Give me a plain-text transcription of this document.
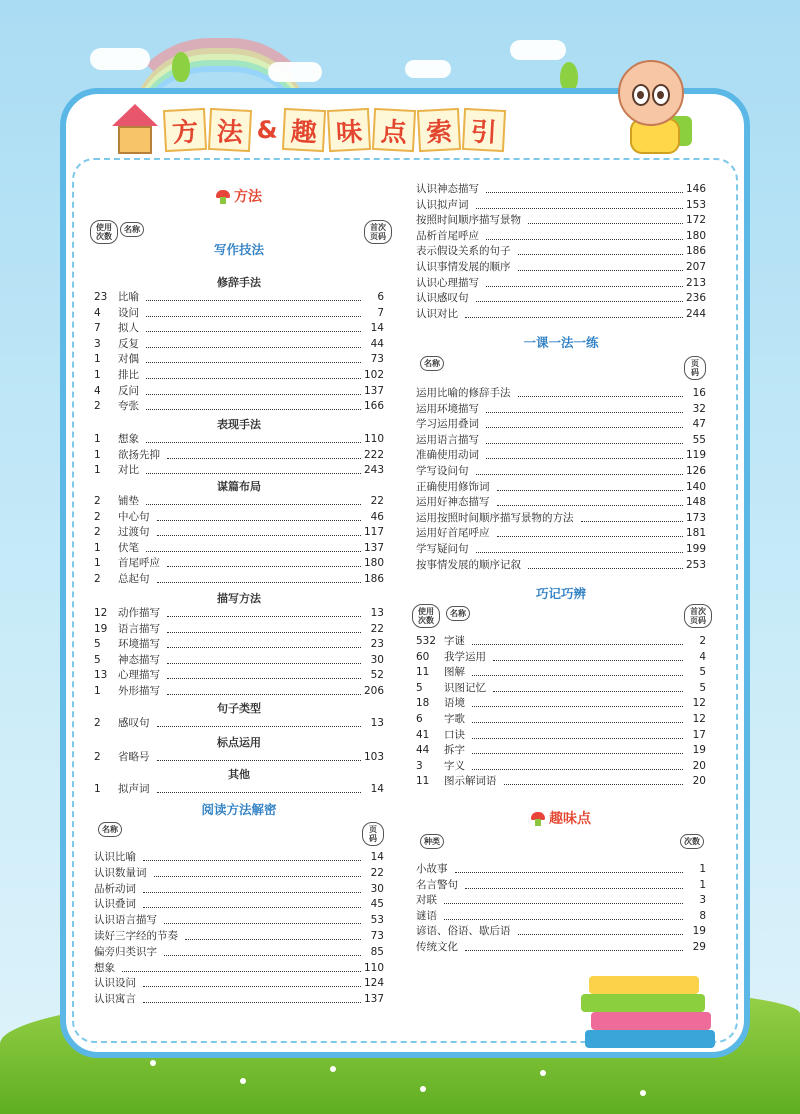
方 法 & 趣 味 点 索 引
方法
使用次数
名称	首次页码
写作技法
修辞手法
23	比喻	6
4	设问	7
7	拟人	14
3	反复	44
1	对偶	73
1	排比	102
4	反问	137
2	夸张	166
表现手法
1	想象	110
1	欲扬先抑	222
1	对比	243
谋篇布局
2	铺垫	22
2	中心句	46
2	过渡句	117
1	伏笔	137
1	首尾呼应	180
2	总起句	186
描写方法
12	动作描写	13
19	语言描写	22
5	环境描写	23
5	神态描写	30
13	心理描写	52
1	外形描写	206
句子类型
2	感叹句	13
标点运用
2	省略号	103
其他
1	拟声词	14
阅读方法解密
名称	页码
认识比喻	14
认识数量词	22
品析动词	30
认识叠词	45
认识语言描写	53
读好三字经的节奏	73
偏旁归类识字	85
想象	110
认识设问	124
认识寓言	137
认识神态描写	146
认识拟声词	153
按照时间顺序描写景物	172
品析首尾呼应	180
表示假设关系的句子	186
认识事情发展的顺序	207
认识心理描写	213
认识感叹句	236
认识对比	244
一课一法一练
名称	页码
运用比喻的修辞手法	16
运用环境描写	32
学习运用叠词	47
运用语言描写	55
准确使用动词	119
学写设问句	126
正确使用修饰词	140
运用好神态描写	148
运用按照时间顺序描写景物的方法	173
运用好首尾呼应	181
学写疑问句	199
按事情发展的顺序记叙	253
巧记巧辨
使用次数
名称	首次页码
532 字谜	2
60	我学运用	4
11	图解	5
5	识图记忆	5
18	语境	12
6	字歌	12
41	口诀	17
44	拆字	19
3	字义	20
11	图示解词语	20
趣味点
种类	次数
小故事	1
名言警句	1
对联	3
谜语	8
谚语、俗语、歇后语	19
传统文化	29
